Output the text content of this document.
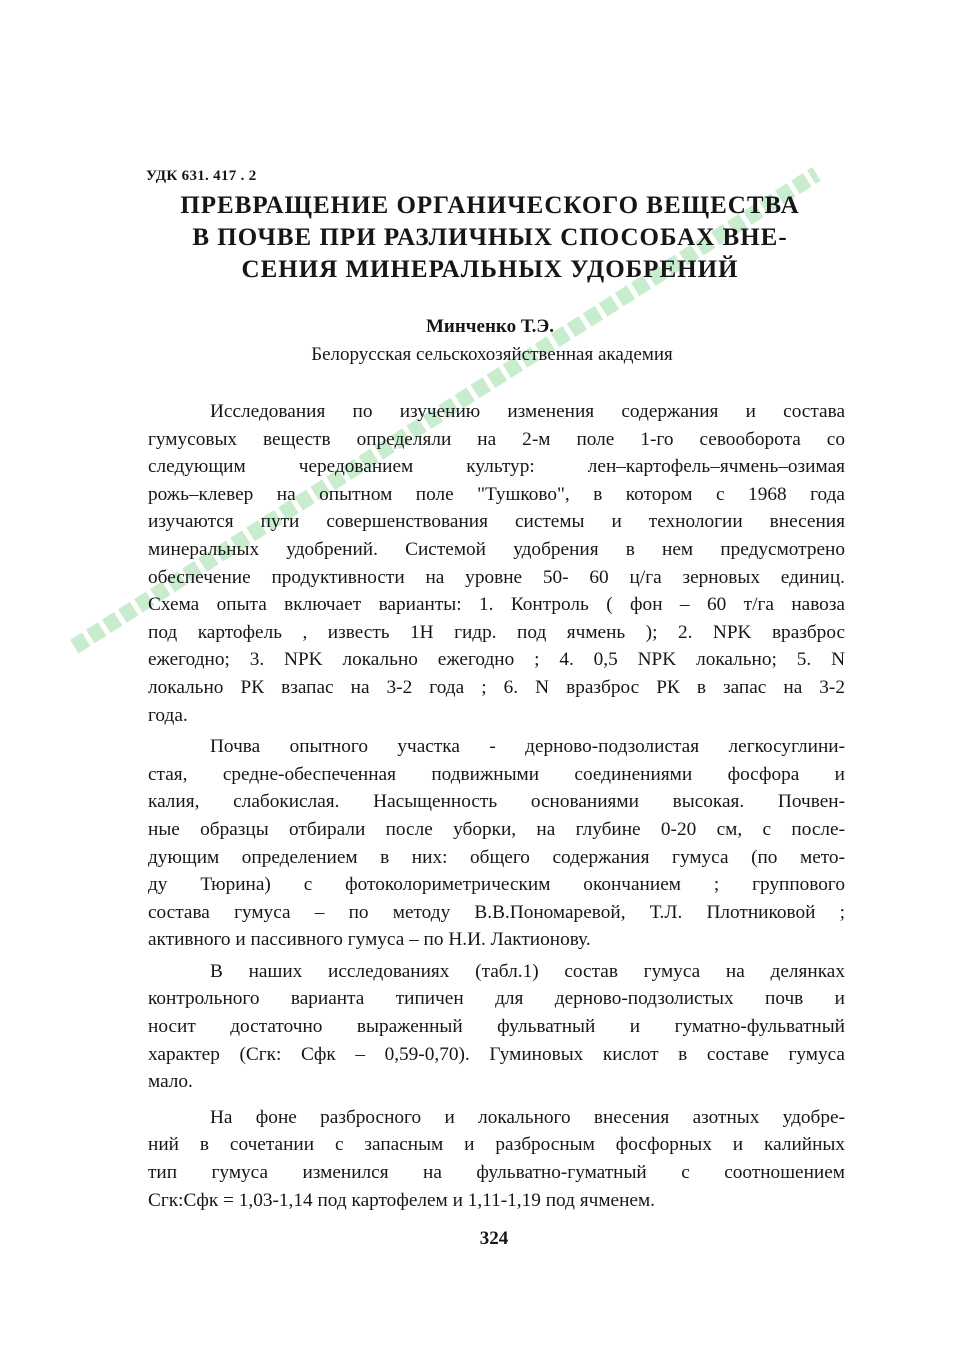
УДК 631. 417 . 2
ПРЕВРАЩЕНИЕ ОРГАНИЧЕСКОГО ВЕЩЕСТВА
В ПОЧВЕ ПРИ РАЗЛИЧНЫХ СПОСОБАХ ВНЕ-
СЕНИЯ МИНЕРАЛЬНЫХ УДОБРЕНИЙ
Минченко Т.Э.
Белорусская сельскохозяйственная академия
Исследования по изучению изменения содержания и состава
гумусовых веществ определяли на 2-м поле 1-го севооборота со
следующим чередованием культур: лен–картофель–ячмень–озимая
рожь–клевер на опытном поле "Тушково", в котором с 1968 года
изучаются пути совершенствования системы и технологии внесения
минеральных удобрений. Системой удобрения в нем предусмотрено
обеспечение продуктивности на уровне 50- 60 ц/га зерновых единиц.
Схема опыта включает варианты: 1. Контроль ( фон – 60 т/га навоза
под картофель , известь 1Н гидр. под ячмень ); 2. NPK вразброс
ежегодно; 3. NPK локально ежегодно ; 4. 0,5 NPK локально; 5. N
локально РК взапас на 3-2 года ; 6. N вразброс РК в запас на 3-2
года.
Почва опытного участка - дерново-подзолистая легкосуглини-
стая, средне-обеспеченная подвижными соединениями фосфора и
калия, слабокислая. Насыщенность основаниями высокая. Почвен-
ные образцы отбирали после уборки, на глубине 0-20 см, с после-
дующим определением в них: общего содержания гумуса (по мето-
ду Тюрина) с фотоколориметрическим окончанием ; группового
состава гумуса – по методу В.В.Пономаревой, Т.Л. Плотниковой ;
активного и пассивного гумуса – по Н.И. Лактионову.
В наших исследованиях (табл.1) состав гумуса на делянках
контрольного варианта типичен для дерново-подзолистых почв и
носит достаточно выраженный фульватный и гуматно-фульватный
характер (Сгк: Сфк – 0,59-0,70). Гуминовых кислот в составе гумуса
мало.
На фоне разбросного и локального внесения азотных удобре-
ний в сочетании с запасным и разбросным фосфорных и калийных
тип гумуса изменился на фульватно-гуматный с соотношением
Сгк:Сфк = 1,03-1,14 под картофелем и 1,11-1,19 под ячменем.
324
